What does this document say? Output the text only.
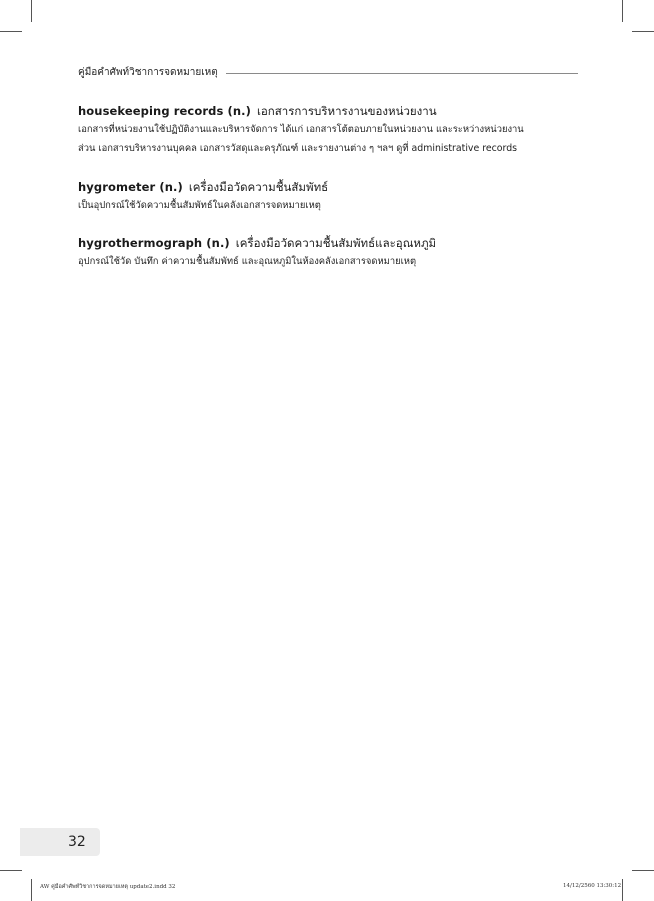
คู่มือคำศัพท์วิชาการจดหมายเหตุ
housekeeping records (n.) เอกสารการบริหารงานของหน่วยงาน
เอกสารที่หน่วยงานใช้ปฏิบัติงานและบริหารจัดการ ได้แก่ เอกสารโต้ตอบภายในหน่วยงาน และระหว่างหน่วยงาน
ส่วน เอกสารบริหารงานบุคคล เอกสารวัสดุและครุภัณฑ์ และรายงานต่าง ๆ ฯลฯ ดูที่ administrative records
hygrometer (n.) เครื่องมือวัดความชื้นสัมพัทธ์
เป็นอุปกรณ์ใช้วัดความชื้นสัมพัทธ์ในคลังเอกสารจดหมายเหตุ
hygrothermograph (n.) เครื่องมือวัดความชื้นสัมพัทธ์และอุณหภูมิ
อุปกรณ์ใช้วัด บันทึก ค่าความชื้นสัมพัทธ์ และอุณหภูมิในห้องคลังเอกสารจดหมายเหตุ
32
AW คู่มือคำศัพท์วิชาการจดหมายเหตุ update2.indd 32	14/12/2560 13:30:12
